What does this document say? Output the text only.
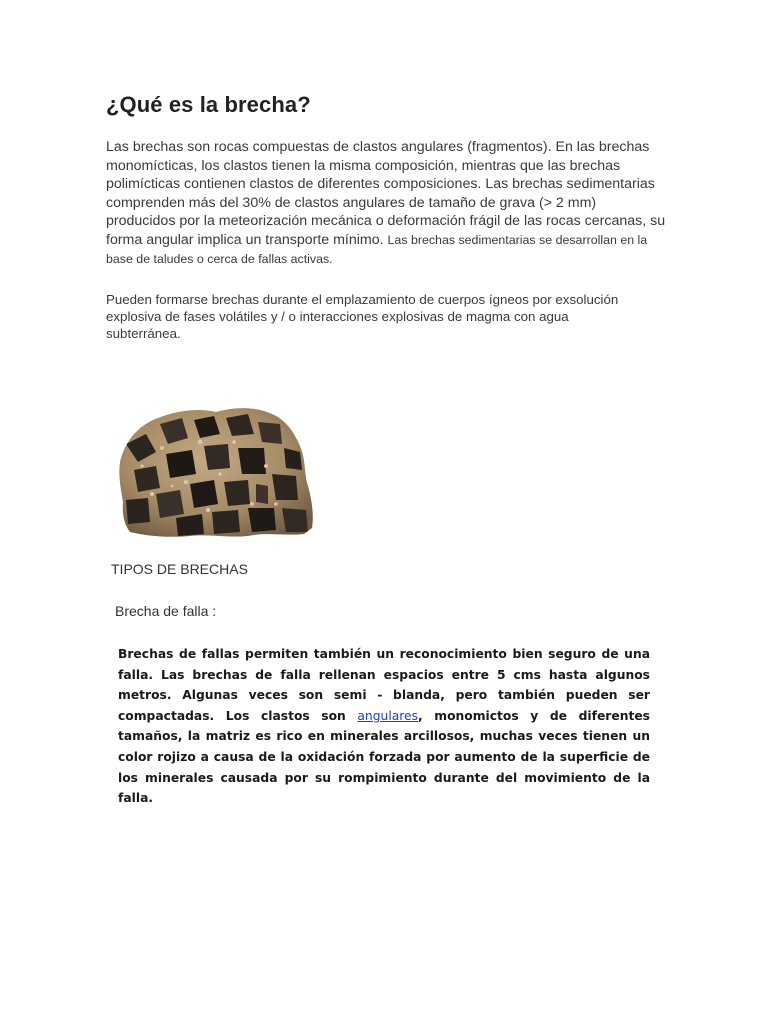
¿Qué es la brecha?

Las brechas son rocas compuestas de clastos angulares (fragmentos). En las brechas monomícticas, los clastos tienen la misma composición, mientras que las brechas polimícticas contienen clastos de diferentes composiciones. Las brechas sedimentarias comprenden más del 30% de clastos angulares de tamaño de grava (> 2 mm) producidos por la meteorización mecánica o deformación frágil de las rocas cercanas, su forma angular implica un transporte mínimo. Las brechas sedimentarias se desarrollan en la base de taludes o cerca de fallas activas.

Pueden formarse brechas durante el emplazamiento de cuerpos ígneos por exsolución explosiva de fases volátiles y / o interacciones explosivas de magma con agua subterránea.

TIPOS DE BRECHAS

Brecha de falla :

Brechas de fallas permiten también un reconocimiento bien seguro de una falla. Las brechas de falla rellenan espacios entre 5 cms hasta algunos metros. Algunas veces son semi - blanda, pero también pueden ser compactadas. Los clastos son angulares, monomictos y de diferentes tamaños, la matriz es rico en minerales arcillosos, muchas veces tienen un color rojizo a causa de la oxidación forzada por aumento de la superficie de los minerales causada por su rompimiento durante del movimiento de la falla.
